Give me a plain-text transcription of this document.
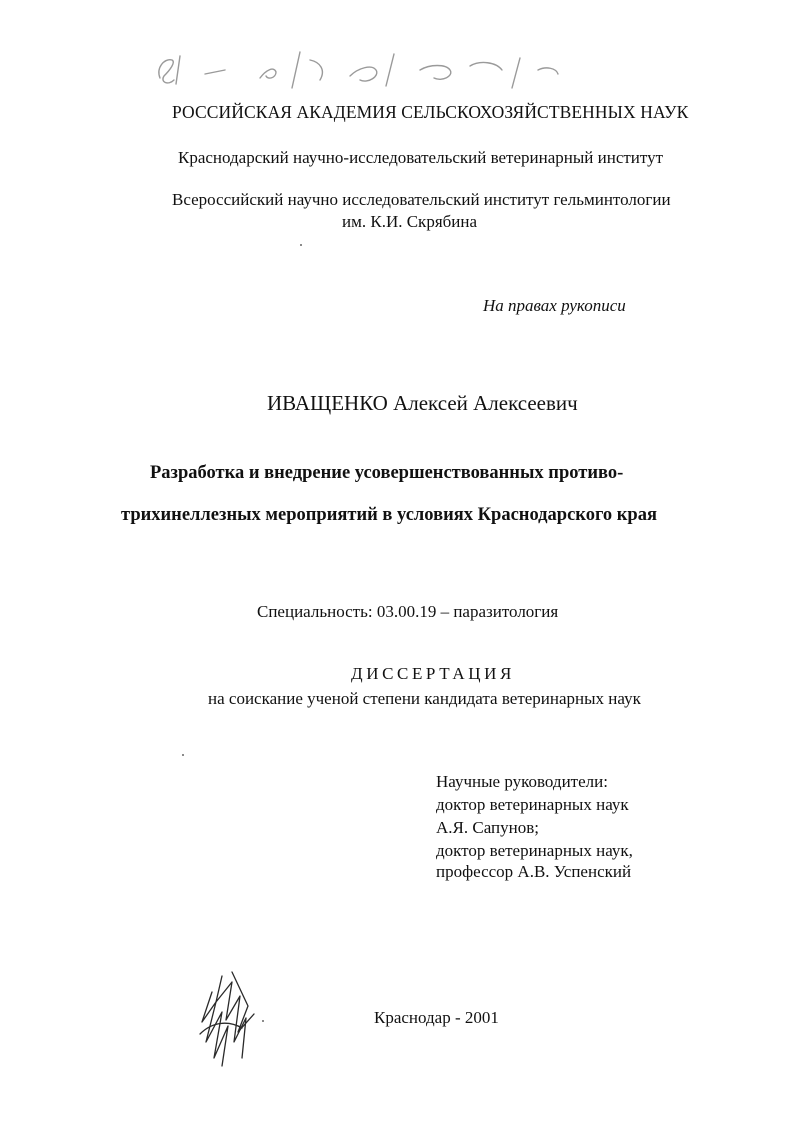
РОССИЙСКАЯ АКАДЕМИЯ СЕЛЬСКОХОЗЯЙСТВЕННЫХ НАУК
Краснодарский научно-исследовательский ветеринарный институт
Всероссийский научно исследовательский институт гельминтологии
им. К.И. Скрябина
На правах рукописи
ИВАЩЕНКО Алексей Алексеевич
Разработка и внедрение усовершенствованных противо-
трихинеллезных мероприятий в условиях Краснодарского края
Специальность: 03.00.19 – паразитология
ДИССЕРТАЦИЯ
на соискание ученой степени кандидата ветеринарных наук
Научные руководители:
доктор ветеринарных наук
А.Я. Сапунов;
доктор ветеринарных наук,
профессор А.В. Успенский
Краснодар - 2001
